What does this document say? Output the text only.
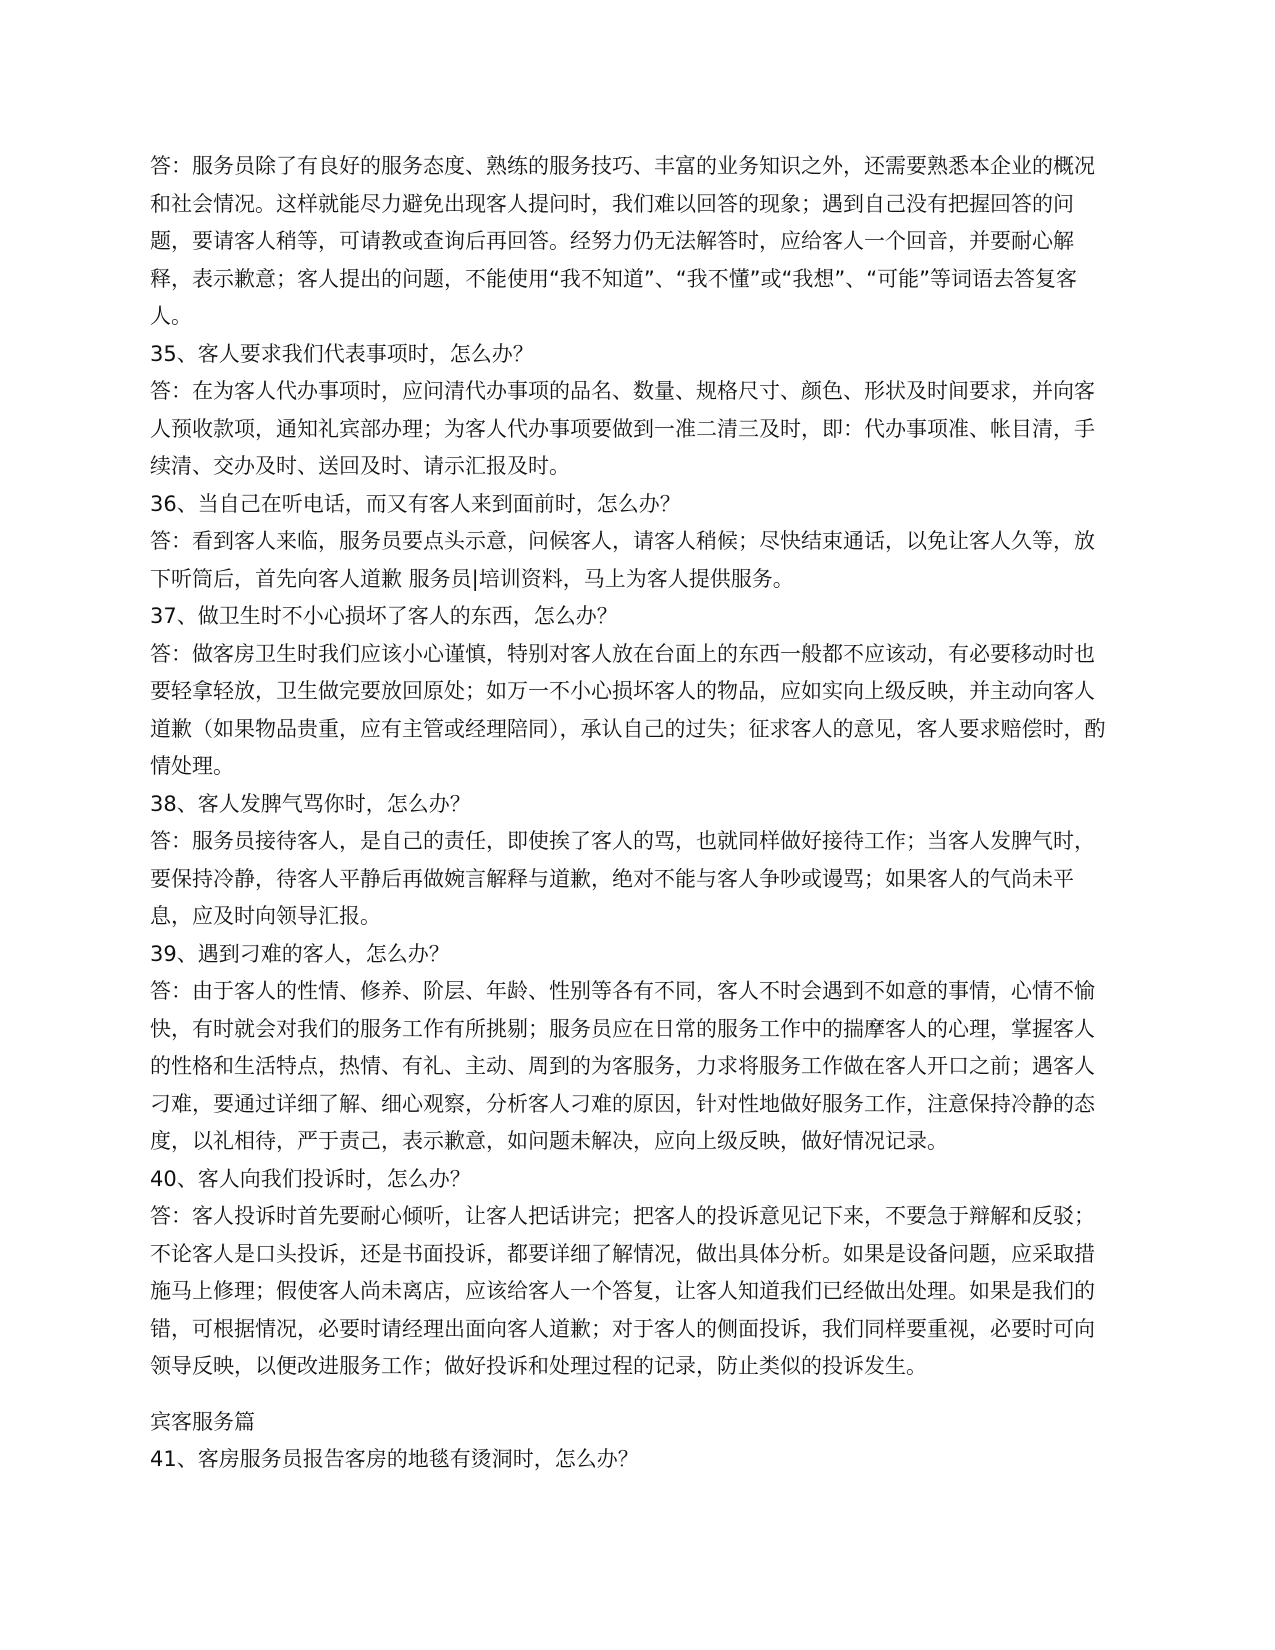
答：服务员除了有良好的服务态度、熟练的服务技巧、丰富的业务知识之外，还需要熟悉本企业的概况和社会情况。这样就能尽力避免出现客人提问时，我们难以回答的现象；遇到自己没有把握回答的问题，要请客人稍等，可请教或查询后再回答。经努力仍无法解答时，应给客人一个回音，并要耐心解释，表示歉意；客人提出的问题，不能使用“我不知道”、“我不懂”或“我想”、“可能”等词语去答复客人。

35、客人要求我们代表事项时，怎么办？

答：在为客人代办事项时，应问清代办事项的品名、数量、规格尺寸、颜色、形状及时间要求，并向客人预收款项，通知礼宾部办理；为客人代办事项要做到一准二清三及时，即：代办事项准、帐目清，手续清、交办及时、送回及时、请示汇报及时。

36、当自己在听电话，而又有客人来到面前时，怎么办？

答：看到客人来临，服务员要点头示意，问候客人，请客人稍候；尽快结束通话，以免让客人久等，放下听筒后，首先向客人道歉 服务员|培训资料，马上为客人提供服务。

37、做卫生时不小心损坏了客人的东西，怎么办？

答：做客房卫生时我们应该小心谨慎，特别对客人放在台面上的东西一般都不应该动，有必要移动时也要轻拿轻放，卫生做完要放回原处；如万一不小心损坏客人的物品，应如实向上级反映，并主动向客人道歉（如果物品贵重，应有主管或经理陪同），承认自己的过失；征求客人的意见，客人要求赔偿时，酌情处理。

38、客人发脾气骂你时，怎么办？

答：服务员接待客人，是自己的责任，即使挨了客人的骂，也就同样做好接待工作；当客人发脾气时，要保持冷静，待客人平静后再做婉言解释与道歉，绝对不能与客人争吵或谩骂；如果客人的气尚未平息，应及时向领导汇报。

39、遇到刁难的客人，怎么办？

答：由于客人的性情、修养、阶层、年龄、性别等各有不同，客人不时会遇到不如意的事情，心情不愉快，有时就会对我们的服务工作有所挑剔；服务员应在日常的服务工作中的揣摩客人的心理，掌握客人的性格和生活特点，热情、有礼、主动、周到的为客服务，力求将服务工作做在客人开口之前；遇客人刁难，要通过详细了解、细心观察，分析客人刁难的原因，针对性地做好服务工作，注意保持冷静的态度，以礼相待，严于责己，表示歉意，如问题未解决，应向上级反映，做好情况记录。

40、客人向我们投诉时，怎么办？

答：客人投诉时首先要耐心倾听，让客人把话讲完；把客人的投诉意见记下来，不要急于辩解和反驳；不论客人是口头投诉，还是书面投诉，都要详细了解情况，做出具体分析。如果是设备问题，应采取措施马上修理；假使客人尚未离店，应该给客人一个答复，让客人知道我们已经做出处理。如果是我们的错，可根据情况，必要时请经理出面向客人道歉；对于客人的侧面投诉，我们同样要重视，必要时可向领导反映，以便改进服务工作；做好投诉和处理过程的记录，防止类似的投诉发生。

宾客服务篇

41、客房服务员报告客房的地毯有烫洞时，怎么办？
